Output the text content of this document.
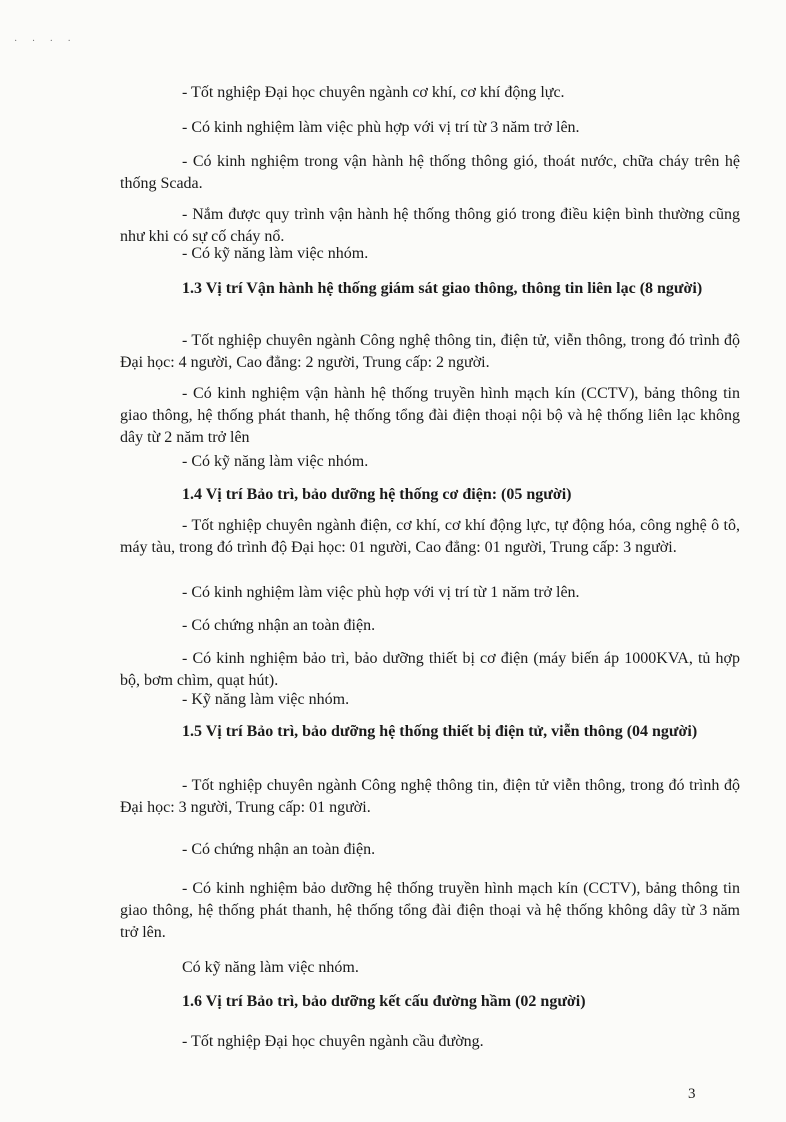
· · · ·

- Tốt nghiệp Đại học chuyên ngành cơ khí, cơ khí động lực.

- Có kinh nghiệm làm việc phù hợp với vị trí từ 3 năm trở lên.

- Có kinh nghiệm trong vận hành hệ thống thông gió, thoát nước, chữa cháy trên hệ thống Scada.

- Nắm được quy trình vận hành hệ thống thông gió trong điều kiện bình thường cũng như khi có sự cố cháy nổ.

- Có kỹ năng làm việc nhóm.

1.3 Vị trí Vận hành hệ thống giám sát giao thông, thông tin liên lạc (8 người)

- Tốt nghiệp chuyên ngành Công nghệ thông tin, điện tử, viễn thông, trong đó trình độ Đại học: 4 người, Cao đẳng: 2 người, Trung cấp: 2 người.

- Có kinh nghiệm vận hành hệ thống truyền hình mạch kín (CCTV), bảng thông tin giao thông, hệ thống phát thanh, hệ thống tổng đài điện thoại nội bộ và hệ thống liên lạc không dây từ 2 năm trở lên

- Có kỹ năng làm việc nhóm.

1.4 Vị trí Bảo trì, bảo dưỡng hệ thống cơ điện: (05 người)

- Tốt nghiệp chuyên ngành điện, cơ khí, cơ khí động lực, tự động hóa, công nghệ ô tô, máy tàu, trong đó trình độ Đại học: 01 người, Cao đẳng: 01 người, Trung cấp: 3 người.

- Có kinh nghiệm làm việc phù hợp với vị trí từ 1 năm trở lên.

- Có chứng nhận an toàn điện.

- Có kinh nghiệm bảo trì, bảo dưỡng thiết bị cơ điện (máy biến áp 1000KVA, tủ hợp bộ, bơm chìm, quạt hút).

- Kỹ năng làm việc nhóm.

1.5 Vị trí Bảo trì, bảo dưỡng hệ thống thiết bị điện tử, viễn thông (04 người)

- Tốt nghiệp chuyên ngành Công nghệ thông tin, điện tử viễn thông, trong đó trình độ Đại học: 3 người, Trung cấp: 01 người.

- Có chứng nhận an toàn điện.

- Có kinh nghiệm bảo dưỡng hệ thống truyền hình mạch kín (CCTV), bảng thông tin giao thông, hệ thống phát thanh, hệ thống tổng đài điện thoại và hệ thống không dây từ 3 năm trở lên.

Có kỹ năng làm việc nhóm.

1.6 Vị trí Bảo trì, bảo dưỡng kết cấu đường hầm (02 người)

- Tốt nghiệp Đại học chuyên ngành cầu đường.

3
